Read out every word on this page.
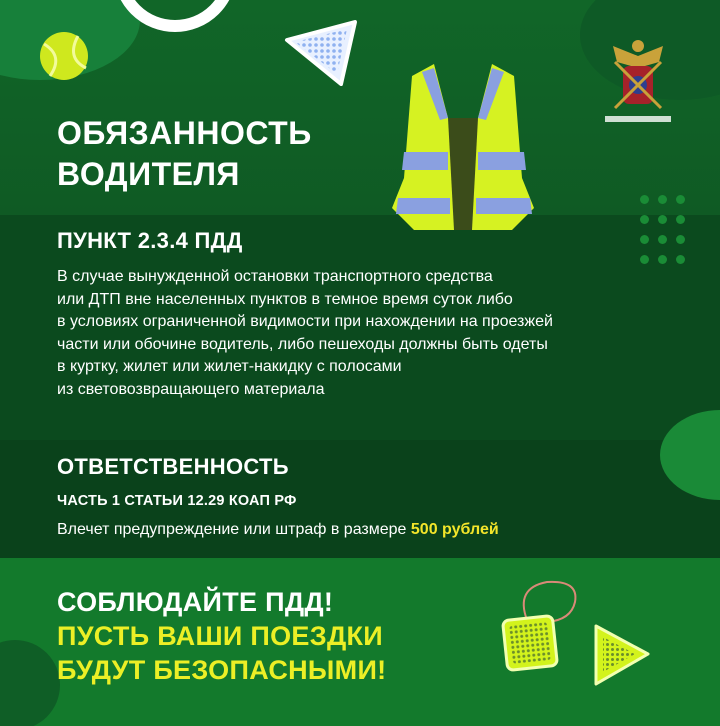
ОБЯЗАННОСТЬ
ВОДИТЕЛЯ
ПУНКТ 2.3.4 ПДД
В случае вынужденной остановки транспортного средства
или ДТП вне населенных пунктов в темное время суток либо
в условиях ограниченной видимости при нахождении на проезжей
части или обочине водитель, либо пешеходы должны быть одеты
в куртку, жилет или жилет-накидку с полосами
из световозвращающего материала
ОТВЕТСТВЕННОСТЬ
ЧАСТЬ 1 СТАТЬИ 12.29 КОАП РФ
Влечет предупреждение или штраф в размере 500 рублей
СОБЛЮДАЙТЕ ПДД!
ПУСТЬ ВАШИ ПОЕЗДКИ
БУДУТ БЕЗОПАСНЫМИ!
